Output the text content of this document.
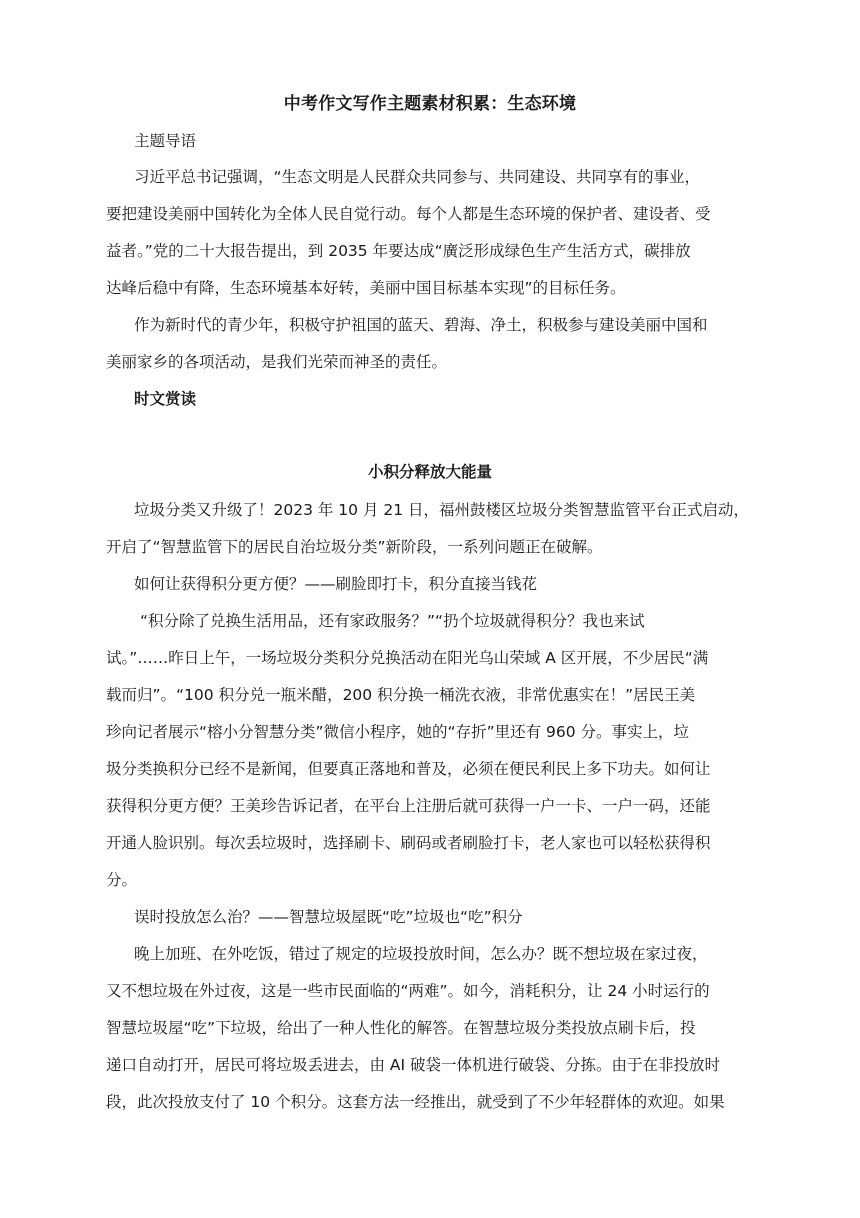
中考作文写作主题素材积累：生态环境
主题导语
习近平总书记强调，“生态文明是人民群众共同参与、共同建设、共同享有的事业，
要把建设美丽中国转化为全体人民自觉行动。每个人都是生态环境的保护者、建设者、受
益者。”党的二十大报告提出，到 2035 年要达成“廣泛形成绿色生产生活方式，碳排放
达峰后稳中有降，生态环境基本好转，美丽中国目标基本实现”的目标任务。
作为新时代的青少年，积极守护祖国的蓝天、碧海、净土，积极参与建设美丽中国和
美丽家乡的各项活动，是我们光荣而神圣的责任。
时文赏读
小积分释放大能量
垃圾分类又升级了！2023 年 10 月 21 日，福州鼓楼区垃圾分类智慧监管平台正式启动，
开启了“智慧监管下的居民自治垃圾分类”新阶段，一系列问题正在破解。
如何让获得积分更方便？——刷脸即打卡，积分直接当钱花
“积分除了兑换生活用品，还有家政服务？”“扔个垃圾就得积分？我也来试
试。”……昨日上午，一场垃圾分类积分兑换活动在阳光乌山荣域 A 区开展，不少居民“满
载而归”。“100 积分兑一瓶米醋，200 积分换一桶洗衣液，非常优惠实在！”居民王美
珍向记者展示“榕小分智慧分类”微信小程序，她的“存折”里还有 960 分。事实上，垃
圾分类换积分已经不是新闻，但要真正落地和普及，必须在便民利民上多下功夫。如何让
获得积分更方便？王美珍告诉记者，在平台上注册后就可获得一户一卡、一户一码，还能
开通人脸识别。每次丢垃圾时，选择刷卡、刷码或者刷脸打卡，老人家也可以轻松获得积
分。
误时投放怎么治？——智慧垃圾屋既“吃”垃圾也“吃”积分
晚上加班、在外吃饭，错过了规定的垃圾投放时间，怎么办？既不想垃圾在家过夜，
又不想垃圾在外过夜，这是一些市民面临的“两难”。如今，消耗积分，让 24 小时运行的
智慧垃圾屋“吃”下垃圾，给出了一种人性化的解答。在智慧垃圾分类投放点刷卡后，投
递口自动打开，居民可将垃圾丢进去，由 AI 破袋一体机进行破袋、分拣。由于在非投放时
段，此次投放支付了 10 个积分。这套方法一经推出，就受到了不少年轻群体的欢迎。如果
